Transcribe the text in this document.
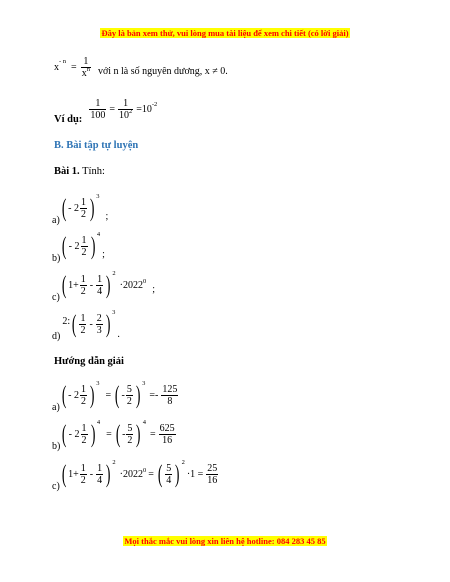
Đây là bản xem thử, vui lòng mua tài liệu để xem chi tiết (có lời giải)
x
- n
= $\frac{1}{x^n}$ với n là số nguyên dương, x ≠ 0.
Ví dụ: $\frac{1}{100} = \frac{1}{10^2} =10$ -2
B. Bài tập tự luyện
Bài 1. Tính:
a) ( - $2 \frac{1}{2}$ ) 3
;
b) ( - $2 \frac{1}{2}$ ) 4
;
c) ( $1+ \frac{1}{2} - \frac{1}{4}$ ) 2
·2022 0
;
d)
2: ( $\frac{1}{2} - \frac{2}{3}$ ) 3
.
Hướng dẫn giải
a) ( - $2 \frac{1}{2}$ ) 3
= ( - $\frac{5}{2}$ ) 3
=- $\frac{125}{8}$
b) ( - $2 \frac{1}{2}$ ) 4
= ( - $\frac{5}{2}$ ) 4
= $\frac{625}{16}$
c) ( $1+ \frac{1}{2} - \frac{1}{4}$ ) 2
·2022 0 = ( $\frac{5}{4}$ ) 2
$\cdot 1 = \frac{25}{16}$
Mọi thắc mắc vui lòng xin liên hệ hotline: 084 283 45 85
